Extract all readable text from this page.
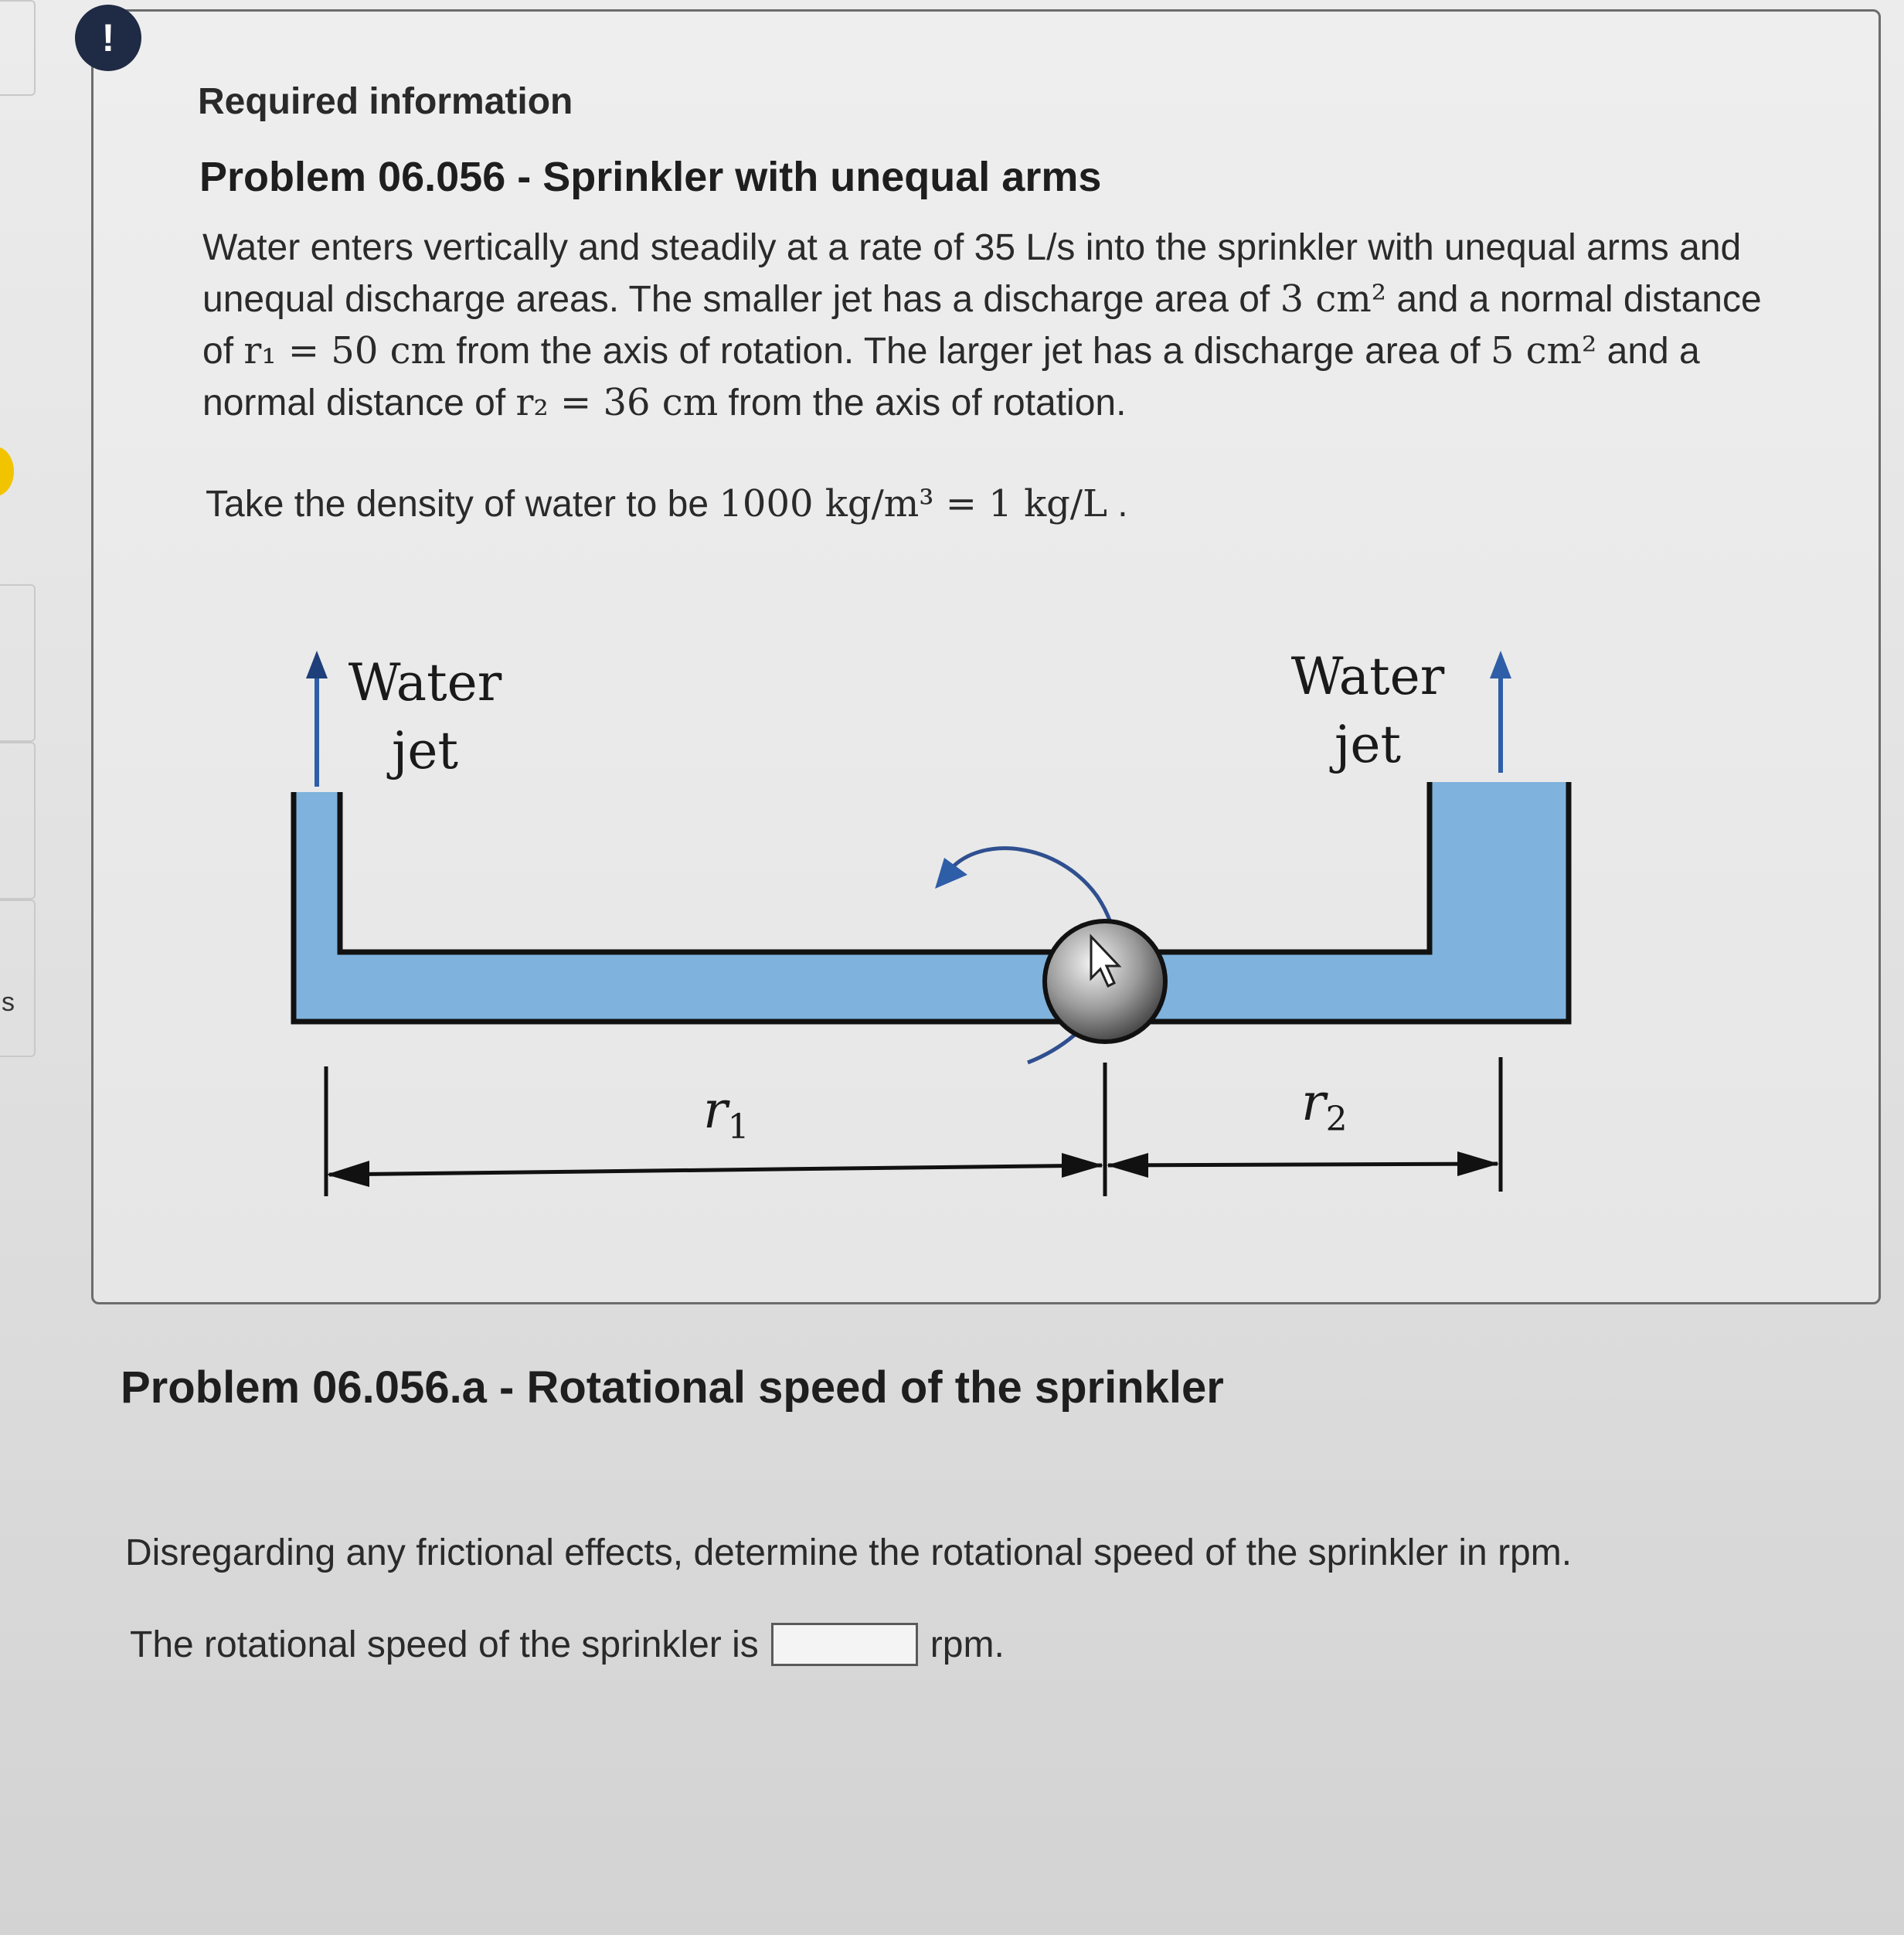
s
!
Required information
Problem 06.056 - Sprinkler with unequal arms
Water enters vertically and steadily at a rate of 35 L/s into the sprinkler with unequal arms and unequal discharge areas. The smaller jet has a discharge area of 3 cm² and a normal distance of r₁ = 50 cm from the axis of rotation. The larger jet has a discharge area of 5 cm² and a normal distance of r₂ = 36 cm from the axis of rotation.
Take the density of water to be 1000 kg/m³ = 1 kg/L .
Water
jet
Water
jet
$r_1$	$r_2$
Problem 06.056.a - Rotational speed of the sprinkler
Disregarding any frictional effects, determine the rotational speed of the sprinkler in rpm.
The rotational speed of the sprinkler is	rpm.
